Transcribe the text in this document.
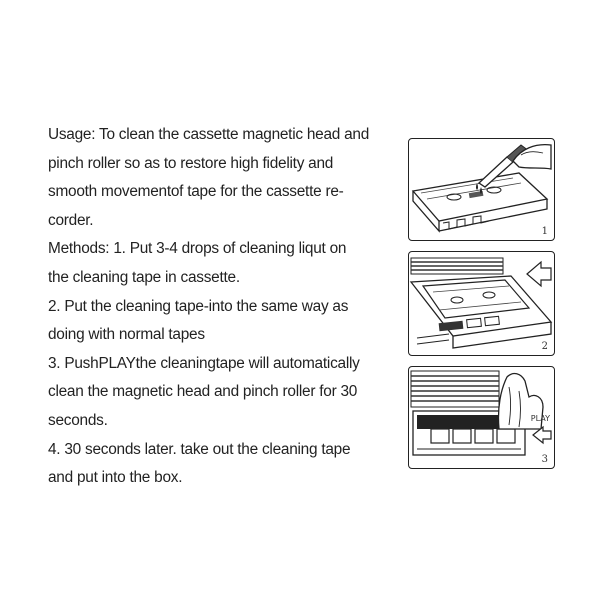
Usage: To clean the cassette magnetic head and
pinch roller so as to restore high fidelity and
smooth movementof tape for the cassette re-
corder.
Methods: 1. Put 3-4 drops of cleaning liqut on
the cleaning tape in cassette.
2. Put the cleaning tape-into the same way as
doing with normal tapes
3. PushPLAYthe cleaningtape will automatically
clean the magnetic head and pinch roller for 30
seconds.
4. 30 seconds later. take out the cleaning tape
and put into the box.
1
2
PLAY
3
